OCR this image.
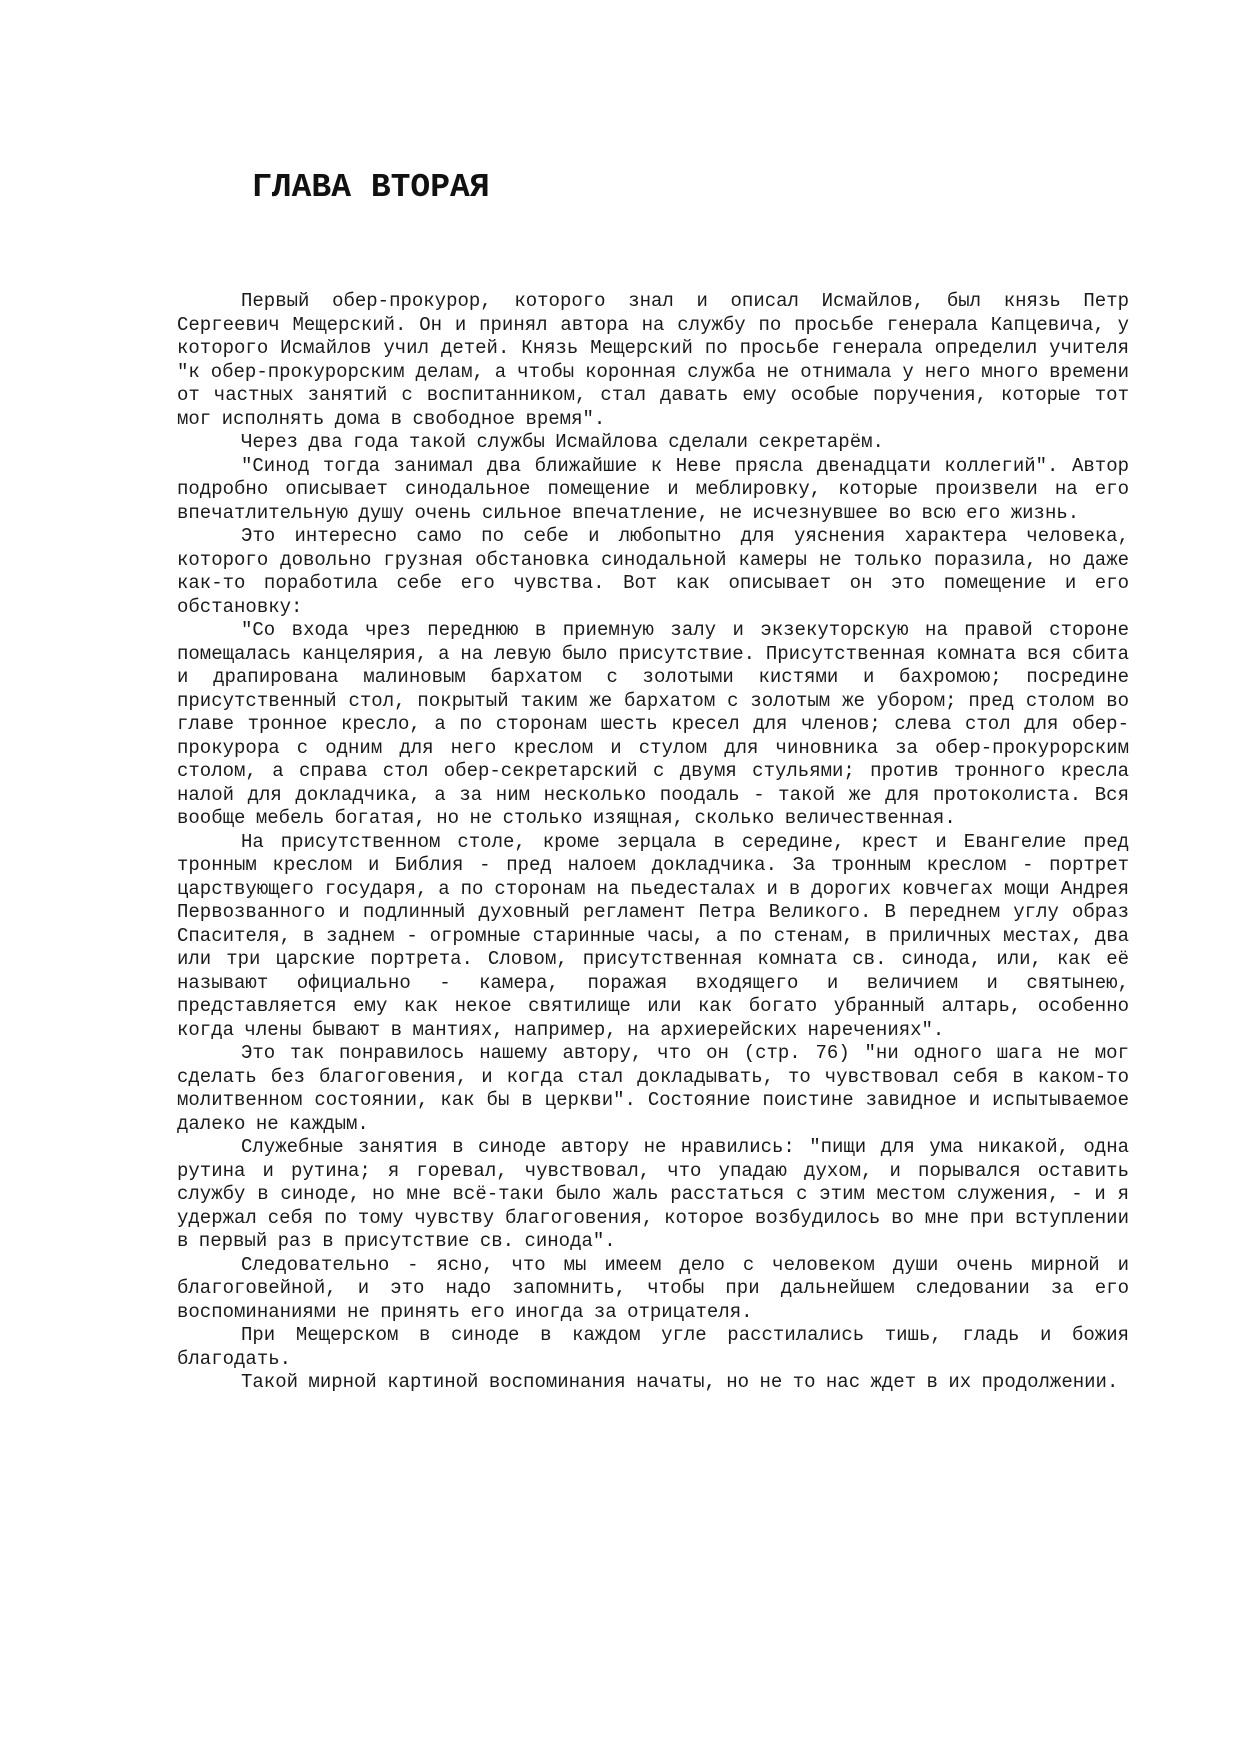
ГЛАВА ВТОРАЯ

Первый обер-прокурор, которого знал и описал Исмайлов, был князь Петр Сергеевич Мещерский. Он и принял автора на службу по просьбе генерала Капцевича, у которого Исмайлов учил детей. Князь Мещерский по просьбе генерала определил учителя "к обер-прокурорским делам, а чтобы коронная служба не отнимала у него много времени от частных занятий с воспитанником, стал давать ему особые поручения, которые тот мог исполнять дома в свободное время".

Через два года такой службы Исмайлова сделали секретарём.

"Синод тогда занимал два ближайшие к Неве прясла двенадцати коллегий". Автор подробно описывает синодальное помещение и меблировку, которые произвели на его впечатлительную душу очень сильное впечатление, не исчезнувшее во всю его жизнь.

Это интересно само по себе и любопытно для уяснения характера человека, которого довольно грузная обстановка синодальной камеры не только поразила, но даже как-то поработила себе его чувства. Вот как описывает он это помещение и его обстановку:

"Со входа чрез переднюю в приемную залу и экзекуторскую на правой стороне помещалась канцелярия, а на левую было присутствие. Присутственная комната вся сбита и драпирована малиновым бархатом с золотыми кистями и бахромою; посредине присутственный стол, покрытый таким же бархатом с золотым же убором; пред столом во главе тронное кресло, а по сторонам шесть кресел для членов; слева стол для обер-прокурора с одним для него креслом и стулом для чиновника за обер-прокурорским столом, а справа стол обер-секретарский с двумя стульями; против тронного кресла налой для докладчика, а за ним несколько поодаль - такой же для протоколиста. Вся вообще мебель богатая, но не столько изящная, сколько величественная.

На присутственном столе, кроме зерцала в середине, крест и Евангелие пред тронным креслом и Библия - пред налоем докладчика. За тронным креслом - портрет царствующего государя, а по сторонам на пьедесталах и в дорогих ковчегах мощи Андрея Первозванного и подлинный духовный регламент Петра Великого. В переднем углу образ Спасителя, в заднем - огромные старинные часы, а по стенам, в приличных местах, два или три царские портрета. Словом, присутственная комната св. синода, или, как её называют официально - камера, поражая входящего и величием и святынею, представляется ему как некое святилище или как богато убранный алтарь, особенно когда члены бывают в мантиях, например, на архиерейских наречениях".

Это так понравилось нашему автору, что он (стр. 76) "ни одного шага не мог сделать без благоговения, и когда стал докладывать, то чувствовал себя в каком-то молитвенном состоянии, как бы в церкви". Состояние поистине завидное и испытываемое далеко не каждым.

Служебные занятия в синоде автору не нравились: "пищи для ума никакой, одна рутина и рутина; я горевал, чувствовал, что упадаю духом, и порывался оставить службу в синоде, но мне всё-таки было жаль расстаться с этим местом служения, - и я удержал себя по тому чувству благоговения, которое возбудилось во мне при вступлении в первый раз в присутствие св. синода".

Следовательно - ясно, что мы имеем дело с человеком души очень мирной и благоговейной, и это надо запомнить, чтобы при дальнейшем следовании за его воспоминаниями не принять его иногда за отрицателя.

При Мещерском в синоде в каждом угле расстилались тишь, гладь и божия благодать.

Такой мирной картиной воспоминания начаты, но не то нас ждет в их продолжении.
